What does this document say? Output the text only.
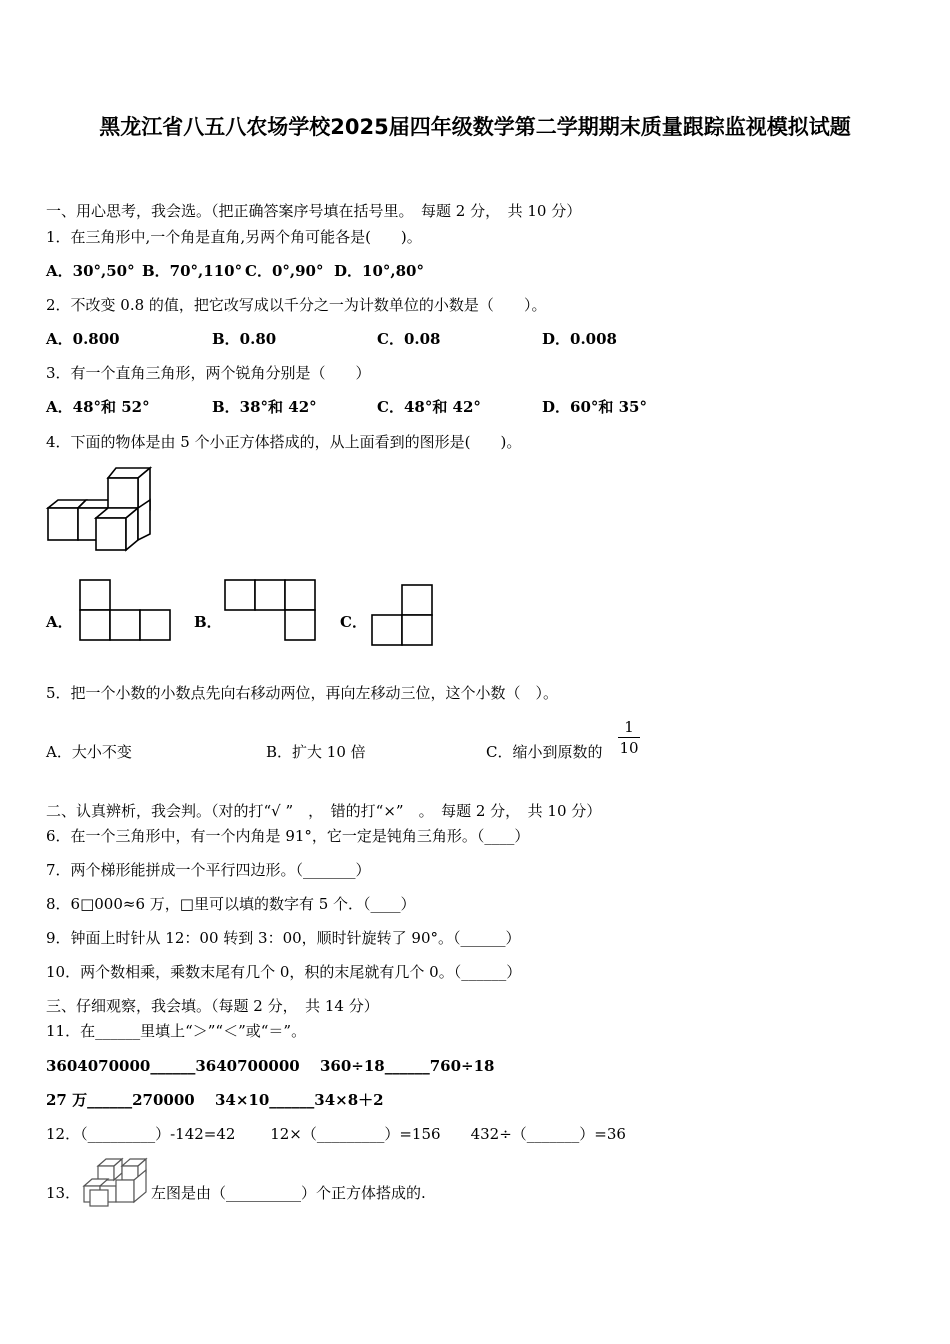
黑龙江省八五八农场学校2025届四年级数学第二学期期末质量跟踪监视模拟试题
一、用心思考，我会选。（把正确答案序号填在括号里。　每题 2 分，　共 10 分）
1．在三角形中,一个角是直角,另两个角可能各是(　　)。
A．30°,50° B．70°,110° C．0°,90° D．10°,80°
2．不改变 0.8 的值，把它改写成以千分之一为计数单位的小数是（　　）。
A．0.800	B．0.80	C．0.08	D．0.008
3．有一个直角三角形，两个锐角分别是（　　）
A．48°和 52°	B．38°和 42°	C．48°和 42°	D．60°和 35°
4．下面的物体是由 5 个小正方体搭成的，从上面看到的图形是(　　)。
A．	B．	C．
5．把一个小数的小数点先向右移动两位，再向左移动三位，这个小数（　）。
A．大小不变	B．扩大 10 倍	C．缩小到原数的
1
10
二、认真辨析，我会判。（对的打“√ ”　，　错的打“×”　。　每题 2 分，　共 10 分）
6．在一个三角形中，有一个内角是 91°，它一定是钝角三角形。（____）
7．两个梯形能拼成一个平行四边形。（_______）
8．6□000≈6 万，□里可以填的数字有 5 个．（____）
9．钟面上时针从 12：00 转到 3：00，顺时针旋转了 90°。（______）
10．两个数相乘，乘数末尾有几个 0，积的末尾就有几个 0。（______）
三、仔细观察，我会填。（每题 2 分，　共 14 分）
11．在______里填上“＞”“＜”或“＝”。
3604070000______3640700000　 360÷18______760÷18
27 万______270000　 34×10______34×8＋2
12．（_________）-142=42　　 12×（_________）=156　　432÷（_______）=36
13．	左图是由（__________）个正方体搭成的.
